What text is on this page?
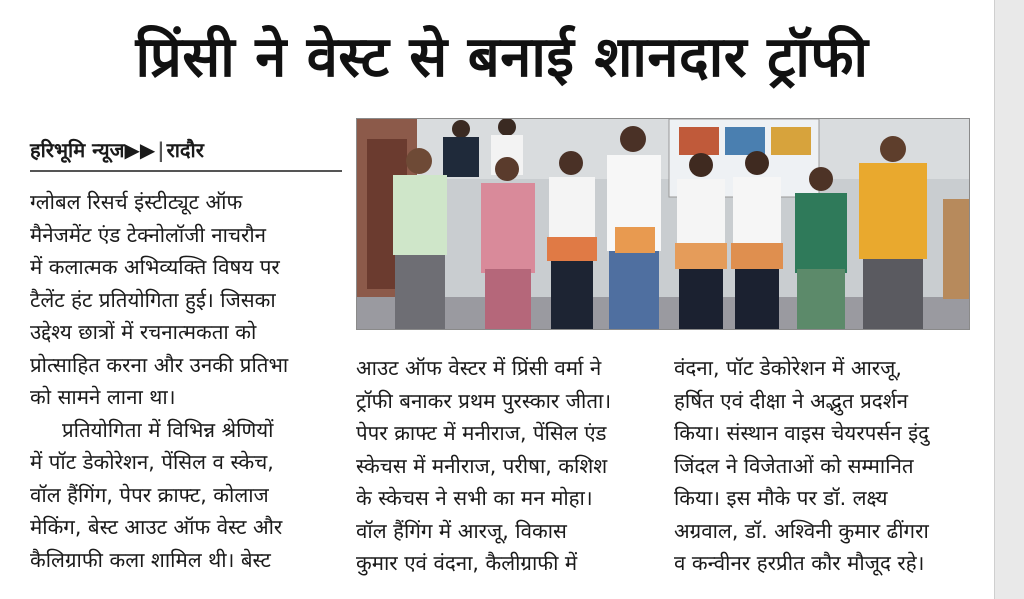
प्रिंसी ने वेस्ट से बनाई शानदार ट्रॉफी
हरिभूमि न्यूज▶▶ | रादौर
ग्लोबल रिसर्च इंस्टीट्यूट ऑफ
मैनेजमेंट एंड टेक्नोलॉजी नाचरौन
में कलात्मक अभिव्यक्ति विषय पर
टैलेंट हंट प्रतियोगिता हुई। जिसका
उद्देश्य छात्रों में रचनात्मकता को
प्रोत्साहित करना और उनकी प्रतिभा
को सामने लाना था।
प्रतियोगिता में विभिन्न श्रेणियों
में पॉट डेकोरेशन, पेंसिल व स्केच,
वॉल हैंगिंग, पेपर क्राफ्ट, कोलाज
मेकिंग, बेस्ट आउट ऑफ वेस्ट और
कैलिग्राफी कला शामिल थी। बेस्ट
आउट ऑफ वेस्टर में प्रिंसी वर्मा ने
ट्रॉफी बनाकर प्रथम पुरस्कार जीता।
पेपर क्राफ्ट में मनीराज, पेंसिल एंड
स्केचस में मनीराज, परीषा, कशिश
के स्केचस ने सभी का मन मोहा।
वॉल हैंगिंग में आरजू, विकास
कुमार एवं वंदना, कैलीग्राफी में
वंदना, पॉट डेकोरेशन में आरजू,
हर्षित एवं दीक्षा ने अद्भुत प्रदर्शन
किया। संस्थान वाइस चेयरपर्सन इंदु
जिंदल ने विजेताओं को सम्मानित
किया। इस मौके पर डॉ. लक्ष्य
अग्रवाल, डॉ. अश्विनी कुमार ढींगरा
व कन्वीनर हरप्रीत कौर मौजूद रहे।
